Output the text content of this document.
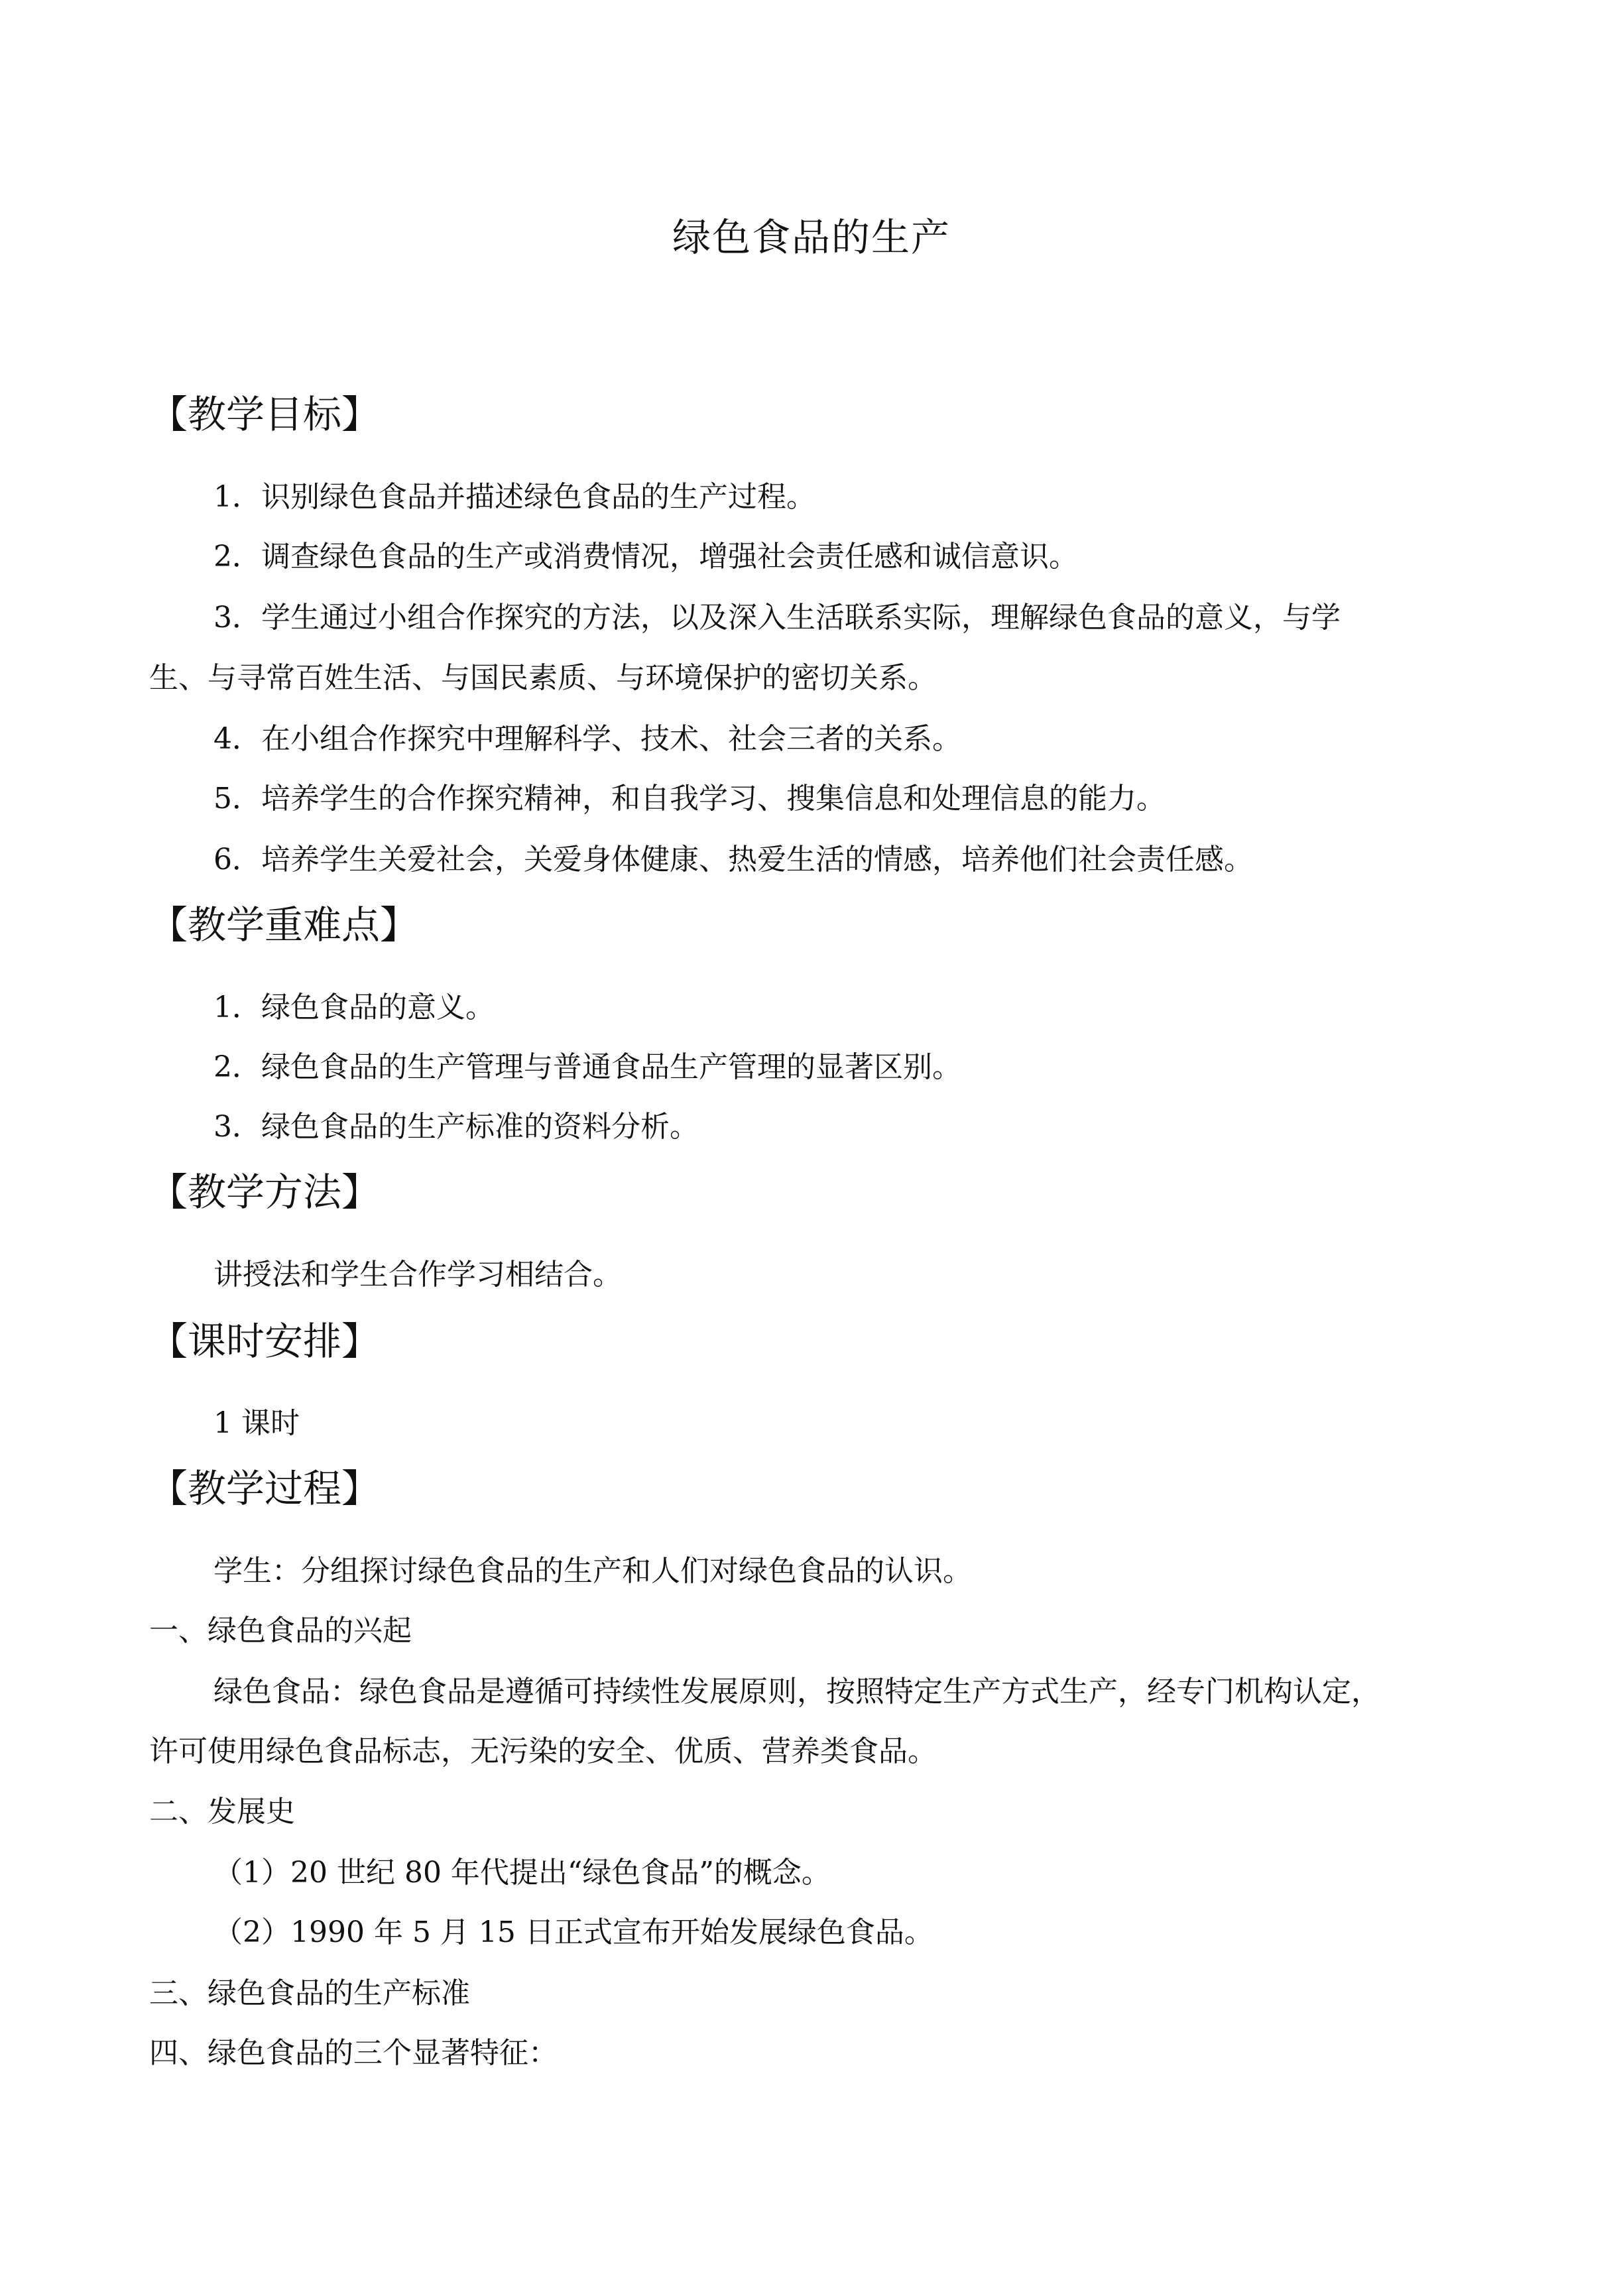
绿色食品的生产
【教学目标】
1．识别绿色食品并描述绿色食品的生产过程。
2．调查绿色食品的生产或消费情况，增强社会责任感和诚信意识。
3．学生通过小组合作探究的方法，以及深入生活联系实际，理解绿色食品的意义，与学
生、与寻常百姓生活、与国民素质、与环境保护的密切关系。
4．在小组合作探究中理解科学、技术、社会三者的关系。
5．培养学生的合作探究精神，和自我学习、搜集信息和处理信息的能力。
6．培养学生关爱社会，关爱身体健康、热爱生活的情感，培养他们社会责任感。
【教学重难点】
1．绿色食品的意义。
2．绿色食品的生产管理与普通食品生产管理的显著区别。
3．绿色食品的生产标准的资料分析。
【教学方法】
讲授法和学生合作学习相结合。
【课时安排】
1 课时
【教学过程】
学生：分组探讨绿色食品的生产和人们对绿色食品的认识。
一、绿色食品的兴起
绿色食品：绿色食品是遵循可持续性发展原则，按照特定生产方式生产，经专门机构认定，
许可使用绿色食品标志，无污染的安全、优质、营养类食品。
二、发展史
（1）20 世纪 80 年代提出“绿色食品”的概念。
（2）1990 年 5 月 15 日正式宣布开始发展绿色食品。
三、绿色食品的生产标准
四、绿色食品的三个显著特征：
